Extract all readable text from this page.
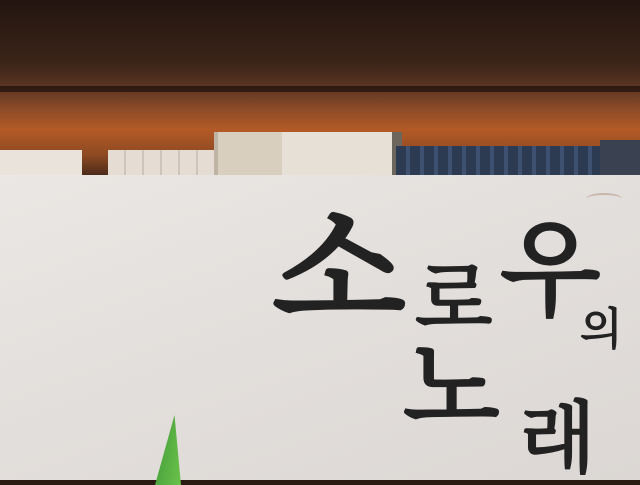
소 로 우
의
노 래
